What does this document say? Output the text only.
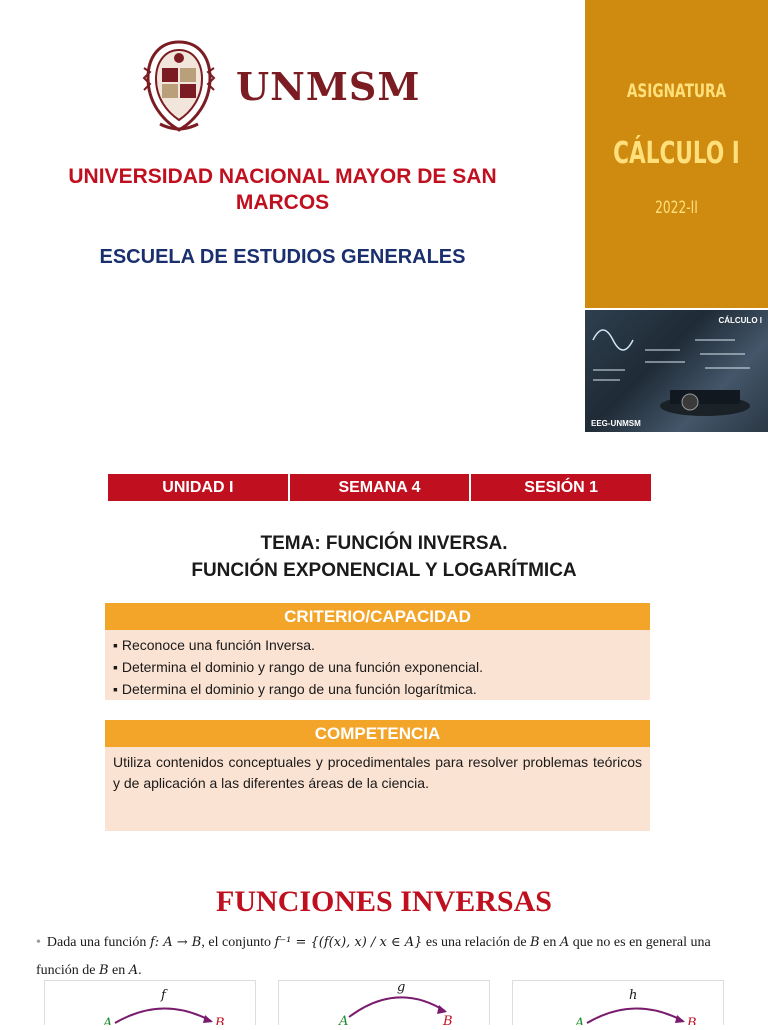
UNMSM
UNIVERSIDAD NACIONAL MAYOR DE SAN MARCOS
ESCUELA DE ESTUDIOS GENERALES
ASIGNATURA
CÁLCULO I
2022-II
CÁLCULO I
EEG-UNMSM
UNIDAD I	SEMANA 4	SESIÓN 1
TEMA: FUNCIÓN INVERSA.
FUNCIÓN EXPONENCIAL Y LOGARÍTMICA
CRITERIO/CAPACIDAD
▪ Reconoce una función Inversa.
▪ Determina el dominio y rango de una función exponencial.
▪ Determina el dominio y rango de una función logarítmica.
COMPETENCIA
Utiliza contenidos conceptuales y procedimentales para resolver problemas teóricos y de aplicación a las diferentes áreas de la ciencia.
FUNCIONES INVERSAS
• Dada una función f: A → B, el conjunto f⁻¹ = {(f(x), x) / x ∈ A} es una relación de B en A que no es en general una función de B en A.
f
A	B
g
A	B
h
A	B
